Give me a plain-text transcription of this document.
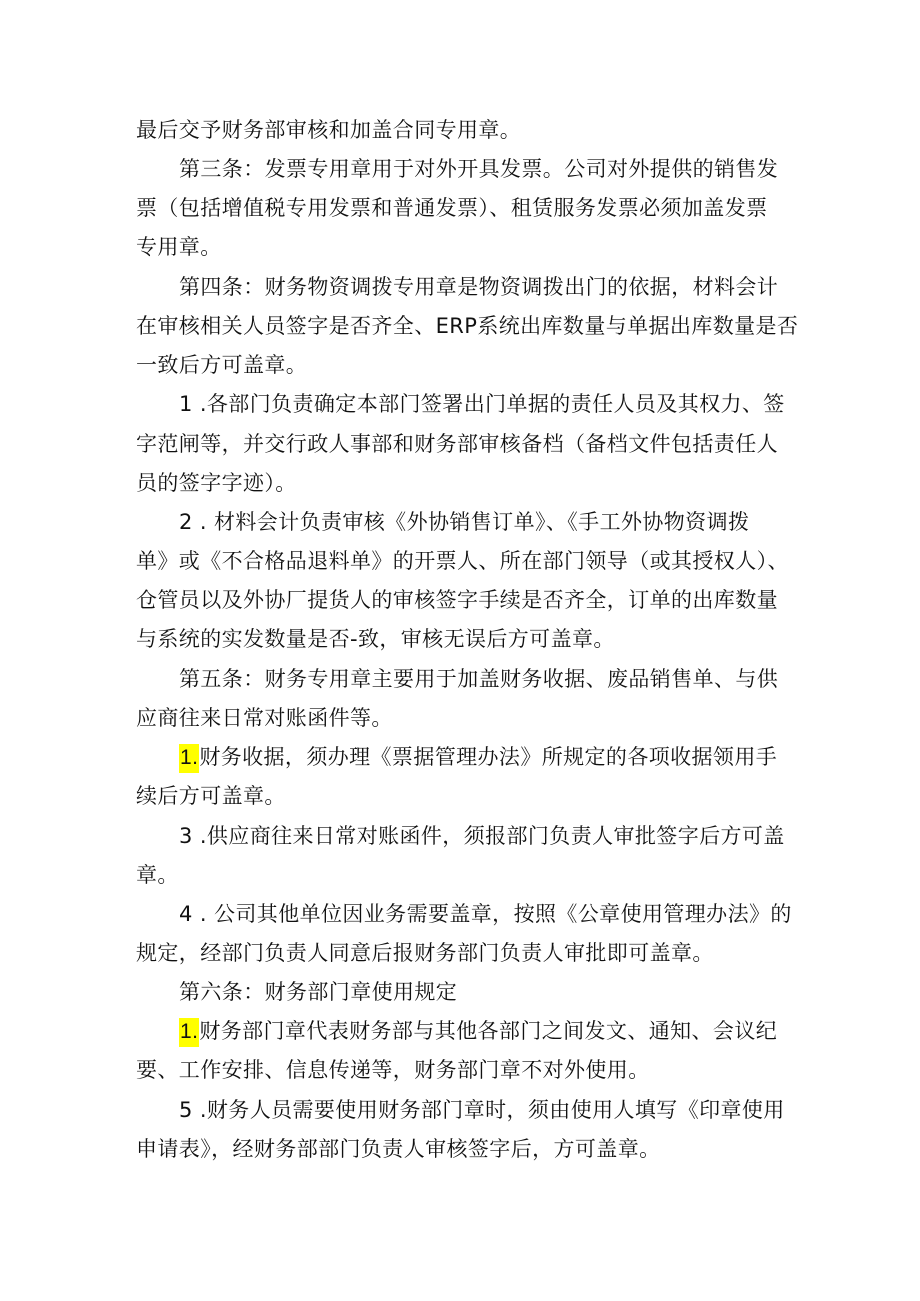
最后交予财务部审核和加盖合同专用章。
第三条：发票专用章用于对外开具发票。公司对外提供的销售发
票（包括增值税专用发票和普通发票）、租赁服务发票必须加盖发票
专用章。
第四条：财务物资调拨专用章是物资调拨出门的依据，材料会计
在审核相关人员签字是否齐全、ERP系统出库数量与单据出库数量是否
一致后方可盖章。
1 .各部门负责确定本部门签署出门单据的责任人员及其权力、签
字范闸等，并交行政人事部和财务部审核备档（备档文件包括责任人
员的签字字迹）。
2 . 材料会计负责审核《外协销售订单》、《手工外协物资调拨
单》或《不合格品退料单》的开票人、所在部门领导（或其授权人）、
仓管员以及外协厂提货人的审核签字手续是否齐全，订单的出库数量
与系统的实发数量是否-致，审核无误后方可盖章。
第五条：财务专用章主要用于加盖财务收据、废品销售单、与供
应商往来日常对账函件等。
1.财务收据，须办理《票据管理办法》所规定的各项收据领用手
续后方可盖章。
3 .供应商往来日常对账函件，须报部门负责人审批签字后方可盖
章。
4 . 公司其他单位因业务需要盖章，按照《公章使用管理办法》的
规定，经部门负责人同意后报财务部门负责人审批即可盖章。
第六条：财务部门章使用规定
1.财务部门章代表财务部与其他各部门之间发文、通知、会议纪
要、工作安排、信息传递等，财务部门章不对外使用。
5 .财务人员需要使用财务部门章时，须由使用人填写《印章使用
申请表》，经财务部部门负责人审核签字后，方可盖章。
